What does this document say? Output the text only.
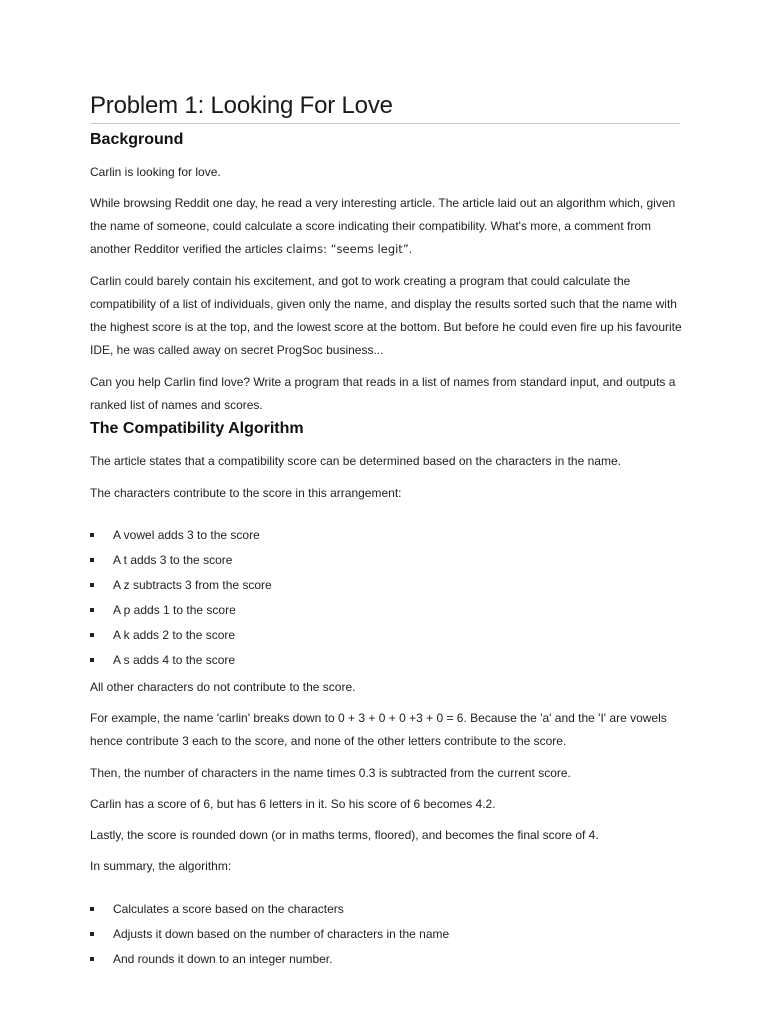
Problem 1: Looking For Love
Background

Carlin is looking for love.

While browsing Reddit one day, he read a very interesting article. The article laid out an algorithm which, given the name of someone, could calculate a score indicating their compatibility. What's more, a comment from another Redditor verified the articles claims: “seems legit”.

Carlin could barely contain his excitement, and got to work creating a program that could calculate the compatibility of a list of individuals, given only the name, and display the results sorted such that the name with the highest score is at the top, and the lowest score at the bottom. But before he could even fire up his favourite IDE, he was called away on secret ProgSoc business...

Can you help Carlin find love? Write a program that reads in a list of names from standard input, and outputs a ranked list of names and scores.

The Compatibility Algorithm

The article states that a compatibility score can be determined based on the characters in the name.

The characters contribute to the score in this arrangement:

A vowel adds 3 to the score
A t adds 3 to the score
A z subtracts 3 from the score
A p adds 1 to the score
A k adds 2 to the score
A s adds 4 to the score

All other characters do not contribute to the score.

For example, the name 'carlin' breaks down to 0 + 3 + 0 + 0 +3 + 0 = 6. Because the 'a' and the 'I' are vowels hence contribute 3 each to the score, and none of the other letters contribute to the score.

Then, the number of characters in the name times 0.3 is subtracted from the current score.

Carlin has a score of 6, but has 6 letters in it. So his score of 6 becomes 4.2.

Lastly, the score is rounded down (or in maths terms, floored), and becomes the final score of 4.

In summary, the algorithm:

Calculates a score based on the characters
Adjusts it down based on the number of characters in the name
And rounds it down to an integer number.
